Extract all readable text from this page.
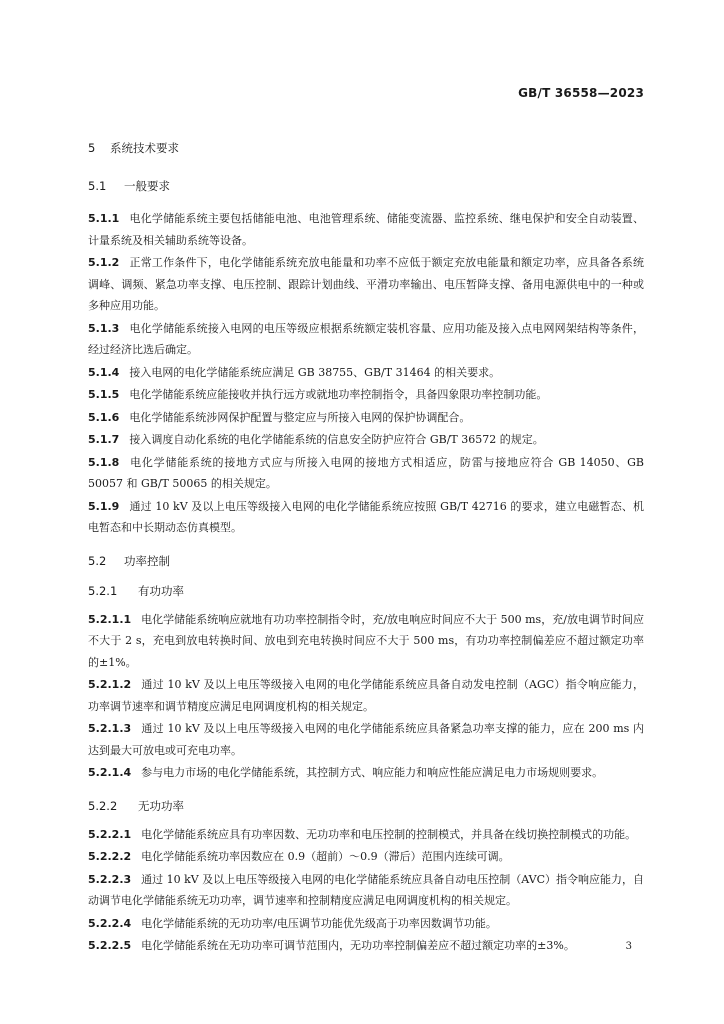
GB/T 36558—2023
5 系统技术要求
5.1 一般要求
5.1.1 电化学储能系统主要包括储能电池、电池管理系统、储能变流器、监控系统、继电保护和安全自动装置、计量系统及相关辅助系统等设备。
5.1.2 正常工作条件下，电化学储能系统充放电能量和功率不应低于额定充放电能量和额定功率，应具备各系统调峰、调频、紧急功率支撑、电压控制、跟踪计划曲线、平滑功率输出、电压暂降支撑、备用电源供电中的一种或多种应用功能。
5.1.3 电化学储能系统接入电网的电压等级应根据系统额定装机容量、应用功能及接入点电网网架结构等条件，经过经济比选后确定。
5.1.4 接入电网的电化学储能系统应满足 GB 38755、GB/T 31464 的相关要求。
5.1.5 电化学储能系统应能接收并执行远方或就地功率控制指令，具备四象限功率控制功能。
5.1.6 电化学储能系统涉网保护配置与整定应与所接入电网的保护协调配合。
5.1.7 接入调度自动化系统的电化学储能系统的信息安全防护应符合 GB/T 36572 的规定。
5.1.8 电化学储能系统的接地方式应与所接入电网的接地方式相适应，防雷与接地应符合 GB 14050、GB 50057 和 GB/T 50065 的相关规定。
5.1.9 通过 10 kV 及以上电压等级接入电网的电化学储能系统应按照 GB/T 42716 的要求，建立电磁暂态、机电暂态和中长期动态仿真模型。
5.2 功率控制
5.2.1 有功功率
5.2.1.1 电化学储能系统响应就地有功功率控制指令时，充/放电响应时间应不大于 500 ms，充/放电调节时间应不大于 2 s，充电到放电转换时间、放电到充电转换时间应不大于 500 ms，有功功率控制偏差应不超过额定功率的±1%。
5.2.1.2 通过 10 kV 及以上电压等级接入电网的电化学储能系统应具备自动发电控制（AGC）指令响应能力，功率调节速率和调节精度应满足电网调度机构的相关规定。
5.2.1.3 通过 10 kV 及以上电压等级接入电网的电化学储能系统应具备紧急功率支撑的能力，应在 200 ms 内达到最大可放电或可充电功率。
5.2.1.4 参与电力市场的电化学储能系统，其控制方式、响应能力和响应性能应满足电力市场规则要求。
5.2.2 无功功率
5.2.2.1 电化学储能系统应具有功率因数、无功功率和电压控制的控制模式，并具备在线切换控制模式的功能。
5.2.2.2 电化学储能系统功率因数应在 0.9（超前）～0.9（滞后）范围内连续可调。
5.2.2.3 通过 10 kV 及以上电压等级接入电网的电化学储能系统应具备自动电压控制（AVC）指令响应能力，自动调节电化学储能系统无功功率，调节速率和控制精度应满足电网调度机构的相关规定。
5.2.2.4 电化学储能系统的无功功率/电压调节功能优先级高于功率因数调节功能。
5.2.2.5 电化学储能系统在无功功率可调节范围内，无功功率控制偏差应不超过额定功率的±3%。	3
